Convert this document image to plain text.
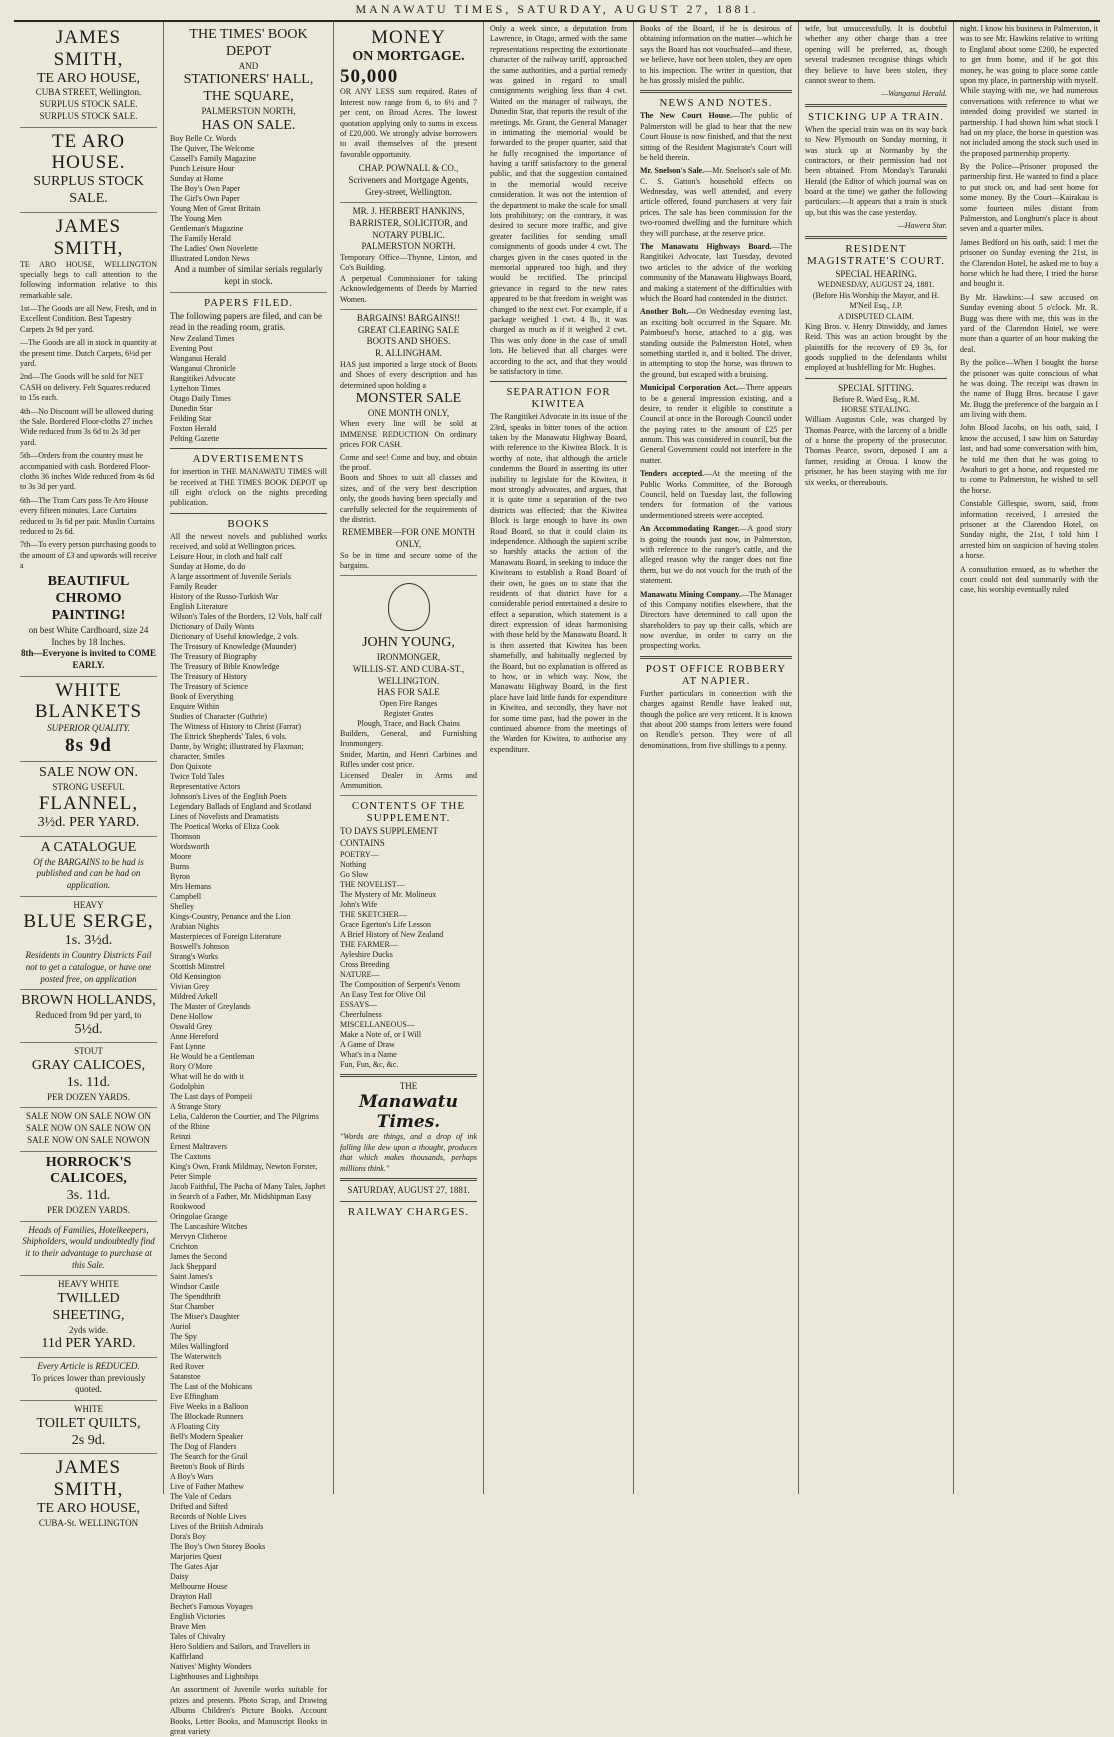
MANAWATU TIMES, SATURDAY, AUGUST 27, 1881.
JAMES SMITH,
TE ARO HOUSE,
CUBA STREET, Wellington.
SURPLUS STOCK SALE. SURPLUS STOCK SALE.
TE ARO HOUSE.
SURPLUS STOCK SALE.
JAMES SMITH,
TE ARO HOUSE, WELLINGTON specially begs to call attention to the following information relative to this remarkable sale.
1st—The Goods are all New, Fresh, and in Excellent Condition. Best Tapestry Carpets 2s 9d per yard.
—The Goods are all in stock in quantity at the present time. Dutch Carpets, 6½d per yard.
2nd—The Goods will be sold for NET CASH on delivery. Felt Squares reduced to 15s each.
4th—No Discount will be allowed during the Sale. Bordered Floor-cloths 27 inches Wide reduced from 3s 6d to 2s 3d per yard.
5th—Orders from the country must be accompanied with cash. Bordered Floor-cloths 36 inches Wide reduced from 4s 6d to 3s 3d per yard.
6th—The Tram Cars pass Te Aro House every fifteen minutes. Lace Curtains reduced to 3s 6d per pair. Muslin Curtains reduced to 2s 6d.
7th—To every person purchasing goods to the amount of £3 and upwards will receive a
BEAUTIFUL CHROMO PAINTING!
on best White Cardboard, size 24 Inches by 18 Inches.
8th—Everyone is invited to COME EARLY.
WHITE BLANKETS
SUPERIOR QUALITY.
8s 9d
SALE NOW ON.
STRONG USEFUL
FLANNEL,
3½d. PER YARD.
A CATALOGUE
Of the BARGAINS to be had is published and can be had on application.
HEAVY
BLUE SERGE,
1s. 3½d.
Residents in Country Districts Fail not to get a catalogue, or have one posted free, on application
BROWN HOLLANDS,
Reduced from 9d per yard, to
5½d.
STOUT
GRAY CALICOES,
1s. 11d.
PER DOZEN YARDS.
SALE NOW ON SALE NOW ON SALE NOW ON SALE NOW ON SALE NOW ON SALE NOWON
HORROCK'S CALICOES,
3s. 11d.
PER DOZEN YARDS.
Heads of Families, Hotelkeepers, Shipholders, would undoubtedly find it to their advantage to purchase at this Sale.
HEAVY WHITE
TWILLED SHEETING,
2yds wide.
11d PER YARD.
Every Article is REDUCED.
To prices lower than previously quoted.
WHITE
TOILET QUILTS,
2s 9d.
JAMES SMITH,
TE ARO HOUSE,
CUBA-St. WELLINGTON
THE TIMES' BOOK DEPOT
AND
STATIONERS' HALL,
THE SQUARE,
PALMERSTON NORTH,
HAS ON SALE.
Boy Belle Cr. Words
The Quiver, The Welcome
Cassell's Family Magazine
Punch Leisure Hour
Sunday at Home
The Boy's Own Paper
The Girl's Own Paper
Young Men of Great Britain
The Young Men
Gentleman's Magazine
The Family Herald
The Ladies' Own Novelette
Illustrated London News
And a number of similar serials regularly kept in stock.
PAPERS FILED.
The following papers are filed, and can be read in the reading room, gratis.
New Zealand Times
Evening Post
Wanganui Herald
Wanganui Chronicle
Rangitikei Advocate
Lyttelton Times
Otago Daily Times
Dunedin Star
Feilding Star
Foxton Herald
Pelting Gazette
ADVERTISEMENTS
for insertion in THE MANAWATU TIMES will be received at THE TIMES BOOK DEPOT up till eight o'clock on the nights preceding publication.
BOOKS
All the newest novels and published works received, and sold at Wellington prices.
Leisure Hour, in cloth and half calf
Sunday at Home, do do
A large assortment of Juvenile Serials
Family Reader
History of the Russo-Turkish War
English Literature
Wilson's Tales of the Borders, 12 Vols, half calf
Dictionary of Daily Wants
Dictionary of Useful knowledge, 2 vols.
The Treasury of Knowledge (Maunder)
The Treasury of Biography
The Treasury of Bible Knowledge
The Treasury of History
The Treasury of Science
Book of Everything
Enquire Within
Studies of Character (Guthrie)
The Witness of History to Christ (Farrar)
The Ettrick Shepherds' Tales, 6 vols.
Dante, by Wright; illustrated by Flaxman; character, Smiles
Don Quixote
Twice Told Tales
Representative Actors
Johnson's Lives of the English Poets
Legendary Ballads of England and Scotland
Lines of Novelists and Dramatists
The Poetical Works of Eliza Cook
Thomson
Wordsworth
Moore
Burns
Byron
Mrs Hemans
Campbell
Shelley
Kings-Country, Penance and the Lion
Arabian Nights
Masterpieces of Foreign Literature
Boswell's Johnson
Strang's Works
Scottish Minstrel
Old Kensington
Vivian Grey
Mildred Arkell
The Master of Greylands
Dene Hollow
Oswald Grey
Anne Hereford
Fast Lynne
He Would be a Gentleman
Rory O'More
What will he do with it
Godolphin
The Last days of Pompeii
A Strange Story
Lelia, Calderon the Courtier, and The Pilgrims of the Rhine
Reinzi
Ernest Maltravers
The Caxtons
King's Own, Frank Mildmay, Newton Forster, Peter Simple
Jacob Faithful, The Pacha of Many Tales, Japhet in Search of a Father, Mr. Midshipman Easy
Rookwood
Oringolae Grange
The Lancashire Witches
Mervyn Clitheroe
Crichton
James the Second
Jack Sheppard
Saint James's
Windsor Castle
The Spendthrift
Star Chamber
The Miser's Daughter
Auriol
The Spy
Miles Wallingford
The Waterwitch
Red Rover
Satanstoe
The Last of the Mohicans
Eve Effingham
Five Weeks in a Balloon
The Blockade Runners
A Floating City
Bell's Modern Speaker
The Dog of Flanders
The Search for the Grail
Beeton's Book of Birds
A Boy's Wars
Live of Father Mathew
The Vale of Cedars
Drifted and Sifted
Records of Noble Lives
Lives of the British Admirals
Dora's Boy
The Boy's Own Storey Books
Marjories Quest
The Gates Ajar
Daisy
Melbourne House
Drayton Hall
Bechet's Famous Voyages
English Victories
Brave Men
Tales of Chivalry
Hero Soldiers and Sailors, and Travellers in Kaffirland
Natives' Mighty Wonders
Lighthouses and Lightships
An assortment of Juvenile works suitable for prizes and presents. Photo Scrap, and Drawing Albums Children's Picture Books. Account Books, Letter Books, and Manuscript Books in great variety
MONEY
ON MORTGAGE.
50,000
OR ANY LESS sum required. Rates of Interest now range from 6, to 6½ and 7 per cent, on Broad Acres. The lowest quotation applying only to sums in excess of £20,000. We strongly advise borrowers to avail themselves of the present favorable opportunity.
CHAP. POWNALL & CO.,
Scriveners and Mortgage Agents, Grey-street, Wellington.
MR. J. HERBERT HANKINS,
BARRISTER, SOLICITOR, and NOTARY PUBLIC.
PALMERSTON NORTH.
Temporary Office—Thynne, Linton, and Co's Building.
A perpetual Commissioner for taking Acknowledgements of Deeds by Married Women.
BARGAINS! BARGAINS!!
GREAT CLEARING SALE
BOOTS AND SHOES.
R. ALLINGHAM.
HAS just imported a large stock of Boots and Shoes of every description and has determined upon holding a
MONSTER SALE
ONE MONTH ONLY,
When every line will be sold at IMMENSE REDUCTION On ordinary prices FOR CASH.
Come and see! Come and buy, and obtain the proof.
Boots and Shoes to suit all classes and sizes, and of the very best description only, the goods having been specially and carefully selected for the requirements of the district.
REMEMBER—FOR ONE MONTH ONLY,
So be in time and secure some of the bargains.
JOHN YOUNG,
IRONMONGER,
WILLIS-ST. AND CUBA-ST., WELLINGTON.
HAS FOR SALE
Open Fire Ranges
Register Grates
Plough, Trace, and Back Chains
Builders, General, and Furnishing Ironmongery.
Snider, Martin, and Henri Carbines and Rifles under cost price.
Licensed Dealer in Arms and Ammunition.
CONTENTS OF THE SUPPLEMENT.
TO DAYS SUPPLEMENT CONTAINS
POETRY—
Nothing
Go Slow
THE NOVELIST—
The Mystery of Mr. Molineux
John's Wife
THE SKETCHER—
Grace Egerton's Life Lesson
A Brief History of New Zealand
THE FARMER—
Ayleshire Ducks
Cross Breeding
NATURE—
The Composition of Serpent's Venom
An Easy Test for Olive Oil
ESSAYS—
Cheerfulness
MISCELLANEOUS—
Make a Note of, or I Will
A Game of Draw
What's in a Name
Fun, Fun, &c, &c.
THE
Manawatu Times.
"Words are things, and a drop of ink falling like dew upon a thought, produces that which makes thousands, perhaps millions think."
SATURDAY, AUGUST 27, 1881.
RAILWAY CHARGES.

Only a week since, a deputation from Lawrence, in Otago, armed with the same representations respecting the extortionate character of the railway tariff, approached the same authorities, and a partial remedy was gained in regard to small consignments weighing less than 4 cwt. Waited on the manager of railways, the Dunedin Star, that reports the result of the meetings. Mr. Grant, the General Manager in intimating the memorial would be forwarded to the proper quarter, said that he fully recognised the importance of having a tariff satisfactory to the general public, and that the suggestion contained in the memorial would receive consideration. It was not the intention of the department to make the scale for small lots prohibitory; on the contrary, it was desired to secure more traffic, and give greater facilities for sending small consignments of goods under 4 cwt. The charges given in the cases quoted in the memorial appeared too high, and they would be rectified. The principal grievance in regard to the new rates appeared to be that freedom in weight was changed to the next cwt. For example, if a package weighed 1 cwt. 4 lb., it was charged as much as if it weighed 2 cwt. This was only done in the case of small lots. He believed that all charges were according to the act, and that they would be satisfactory in time.

SEPARATION FOR KIWITEA

The Rangitikei Advocate in its issue of the 23rd, speaks in bitter tones of the action taken by the Manawatu Highway Board, with reference to the Kiwitea Block. It is worthy of note, that although the article condemns the Board in asserting its utter inability to legislate for the Kiwitea, it most strongly advocates, and argues, that it is quite time a separation of the two districts was effected; that the Kiwitea Block is large enough to have its own Road Board, so that it could claim its independence. Although the sapient scribe so harshly attacks the action of the Manawatu Board, in seeking to induce the Kiwiteans to establish a Road Board of their own, he goes on to state that the residents of that district have for a considerable period entertained a desire to effect a separation, which statement is a direct expression of ideas harmonising with those held by the Manawatu Board. It is then asserted that Kiwitea has been shamefully, and habitually neglected by the Board, but no explanation is offered as to how, or in which way. Now, the Manawatu Highway Board, in the first place have laid little funds for expenditure in Kiwitea, and secondly, they have not for some time past, had the power in the continued absence from the meetings of the Warden for Kiwitea, to authorise any expenditure.

Books of the Board, if he is desirous of obtaining information on the matter—which he says the Board has not vouchsafed—and these, we believe, have not been stolen, they are open to his inspection. The writer in question, that he has grossly misled the public.

NEWS AND NOTES.

The New Court House.—The public of Palmerston will be glad to hear that the new Court House is now finished, and that the next sitting of the Resident Magistrate's Court will be held therein.

Mr. Snelson's Sale.—Mr. Snelson's sale of Mr. C. S. Gatton's household effects on Wednesday, was well attended, and every article offered, found purchasers at very fair prices. The sale has been commission for the two-roomed dwelling and the furniture which they will purchase, at the reserve price.

The Manawatu Highways Board.—The Rangitikei Advocate, last Tuesday, devoted two articles to the advice of the working community of the Manawatu Highways Board, and making a statement of the difficulties with which the Board had contended in the district.

Another Bolt.—On Wednesday evening last, an exciting bolt occurred in the Square. Mr. Paimboeuf's horse, attached to a gig, was standing outside the Palmerston Hotel, when something startled it, and it bolted. The driver, in attempting to stop the horse, was thrown to the ground, but escaped with a bruising.

Municipal Corporation Act.—There appears to be a general impression existing, and a desire, to render it eligible to constitute a Council at once in the Borough Council under the paying rates to the amount of £25 per annum. This was considered in council, but the General Government could not interfere in the matter.

Tenders accepted.—At the meeting of the Public Works Committee, of the Borough Council, held on Tuesday last, the following tenders for formation of the various undermentioned streets were accepted.

An Accommodating Ranger.—A good story is going the rounds just now, in Palmerston, with reference to the ranger's cattle, and the alleged reason why the ranger does not fine them, but we do not vouch for the truth of the statement.

Manawatu Mining Company.—The Manager of this Company notifies elsewhere, that the Directors have determined to call upon the shareholders to pay up their calls, which are now overdue, in order to carry on the prospecting works.

POST OFFICE ROBBERY AT NAPIER.

Further particulars in connection with the charges against Rendle have leaked out, though the police are very reticent. It is known that about 200 stamps from letters were found on Rendle's person. They were of all denominations, from five shillings to a penny.

wife, but unsuccessfully. It is doubtful whether any other charge than a tree opening will be preferred, as, though several tradesmen recognise things which they believe to have been stolen, they cannot swear to them.

—Wanganui Herald.

STICKING UP A TRAIN.

When the special train was on its way back to New Plymouth on Sunday morning, it was stuck up at Normanby by the contractors, or their permission had not been obtained. From Monday's Taranaki Herald (the Editor of which journal was on board at the time) we gather the following particulars:—It appears that a train is stuck up, but this was the case yesterday.

—Hawera Star.

RESIDENT MAGISTRATE'S COURT.
SPECIAL HEARING.
WEDNESDAY, AUGUST 24, 1881.
(Before His Worship the Mayor, and H. M'Neil Esq., J.P.
A DISPUTED CLAIM.

King Bros. v. Henry Dinwiddy, and James Reid. This was an action brought by the plaintiffs for the recovery of £9 3s, for goods supplied to the defendants whilst employed at bushfelling for Mr. Hughes.

SPECIAL SITTING.
Before R. Ward Esq., R.M.
HORSE STEALING.

William Augustus Cole, was charged by Thomas Pearce, with the larceny of a bridle of a horse the property of the prosecutor. Thomas Pearce, sworn, deposed I am a farmer, residing at Oroua. I know the prisoner, he has been staying with me for six weeks, or thereabouts.

night. I know his business in Palmerston, it was to see Mr. Hawkins relative to writing to England about some £200, he expected to get from home, and if he got this money, he was going to place some cattle upon my place, in partnership with myself. While staying with me, we had numerous conversations with reference to what we intended doing provided we started in partnership. I had shown him what stock I had on my place, the horse in question was not included among the stock such used in the proposed partnership property.

By the Police—Prisoner proposed the partnership first. He wanted to find a place to put stock on, and had sent home for some money. By the Court—Kairakau is some fourteen miles distant from Palmerston, and Longburn's place is about seven and a quarter miles.

James Bedford on his oath, said: I met the prisoner on Sunday evening the 21st, in the Clarendon Hotel, he asked me to buy a horse which he had there, I tried the horse and bought it.

By Mr. Hawkins:—I saw accused on Sunday evening about 5 o'clock. Mr. R. Bugg was there with me, this was in the yard of the Clarendon Hotel, we were more than a quarter of an hour making the deal.

By the police—When I bought the horse the prisoner was quite conscious of what he was doing. The receipt was drawn in the name of Bugg Bros. because I gave Mr. Bugg the preference of the bargain as I am living with them.

John Blood Jacobs, on his oath, said, I know the accused, I saw him on Saturday last, and had some conversation with him, he told me then that he was going to Awahuri to get a horse, and requested me to come to Palmerston, he wished to sell the horse.

Constable Gillespie, sworn, said, from information received, I arrested the prisoner at the Clarendon Hotel, on Sunday night, the 21st, I told him I arrested him on suspicion of having stolen a horse.

A consultation ensued, as to whether the court could not deal summarily with the case, his worship eventually ruled
